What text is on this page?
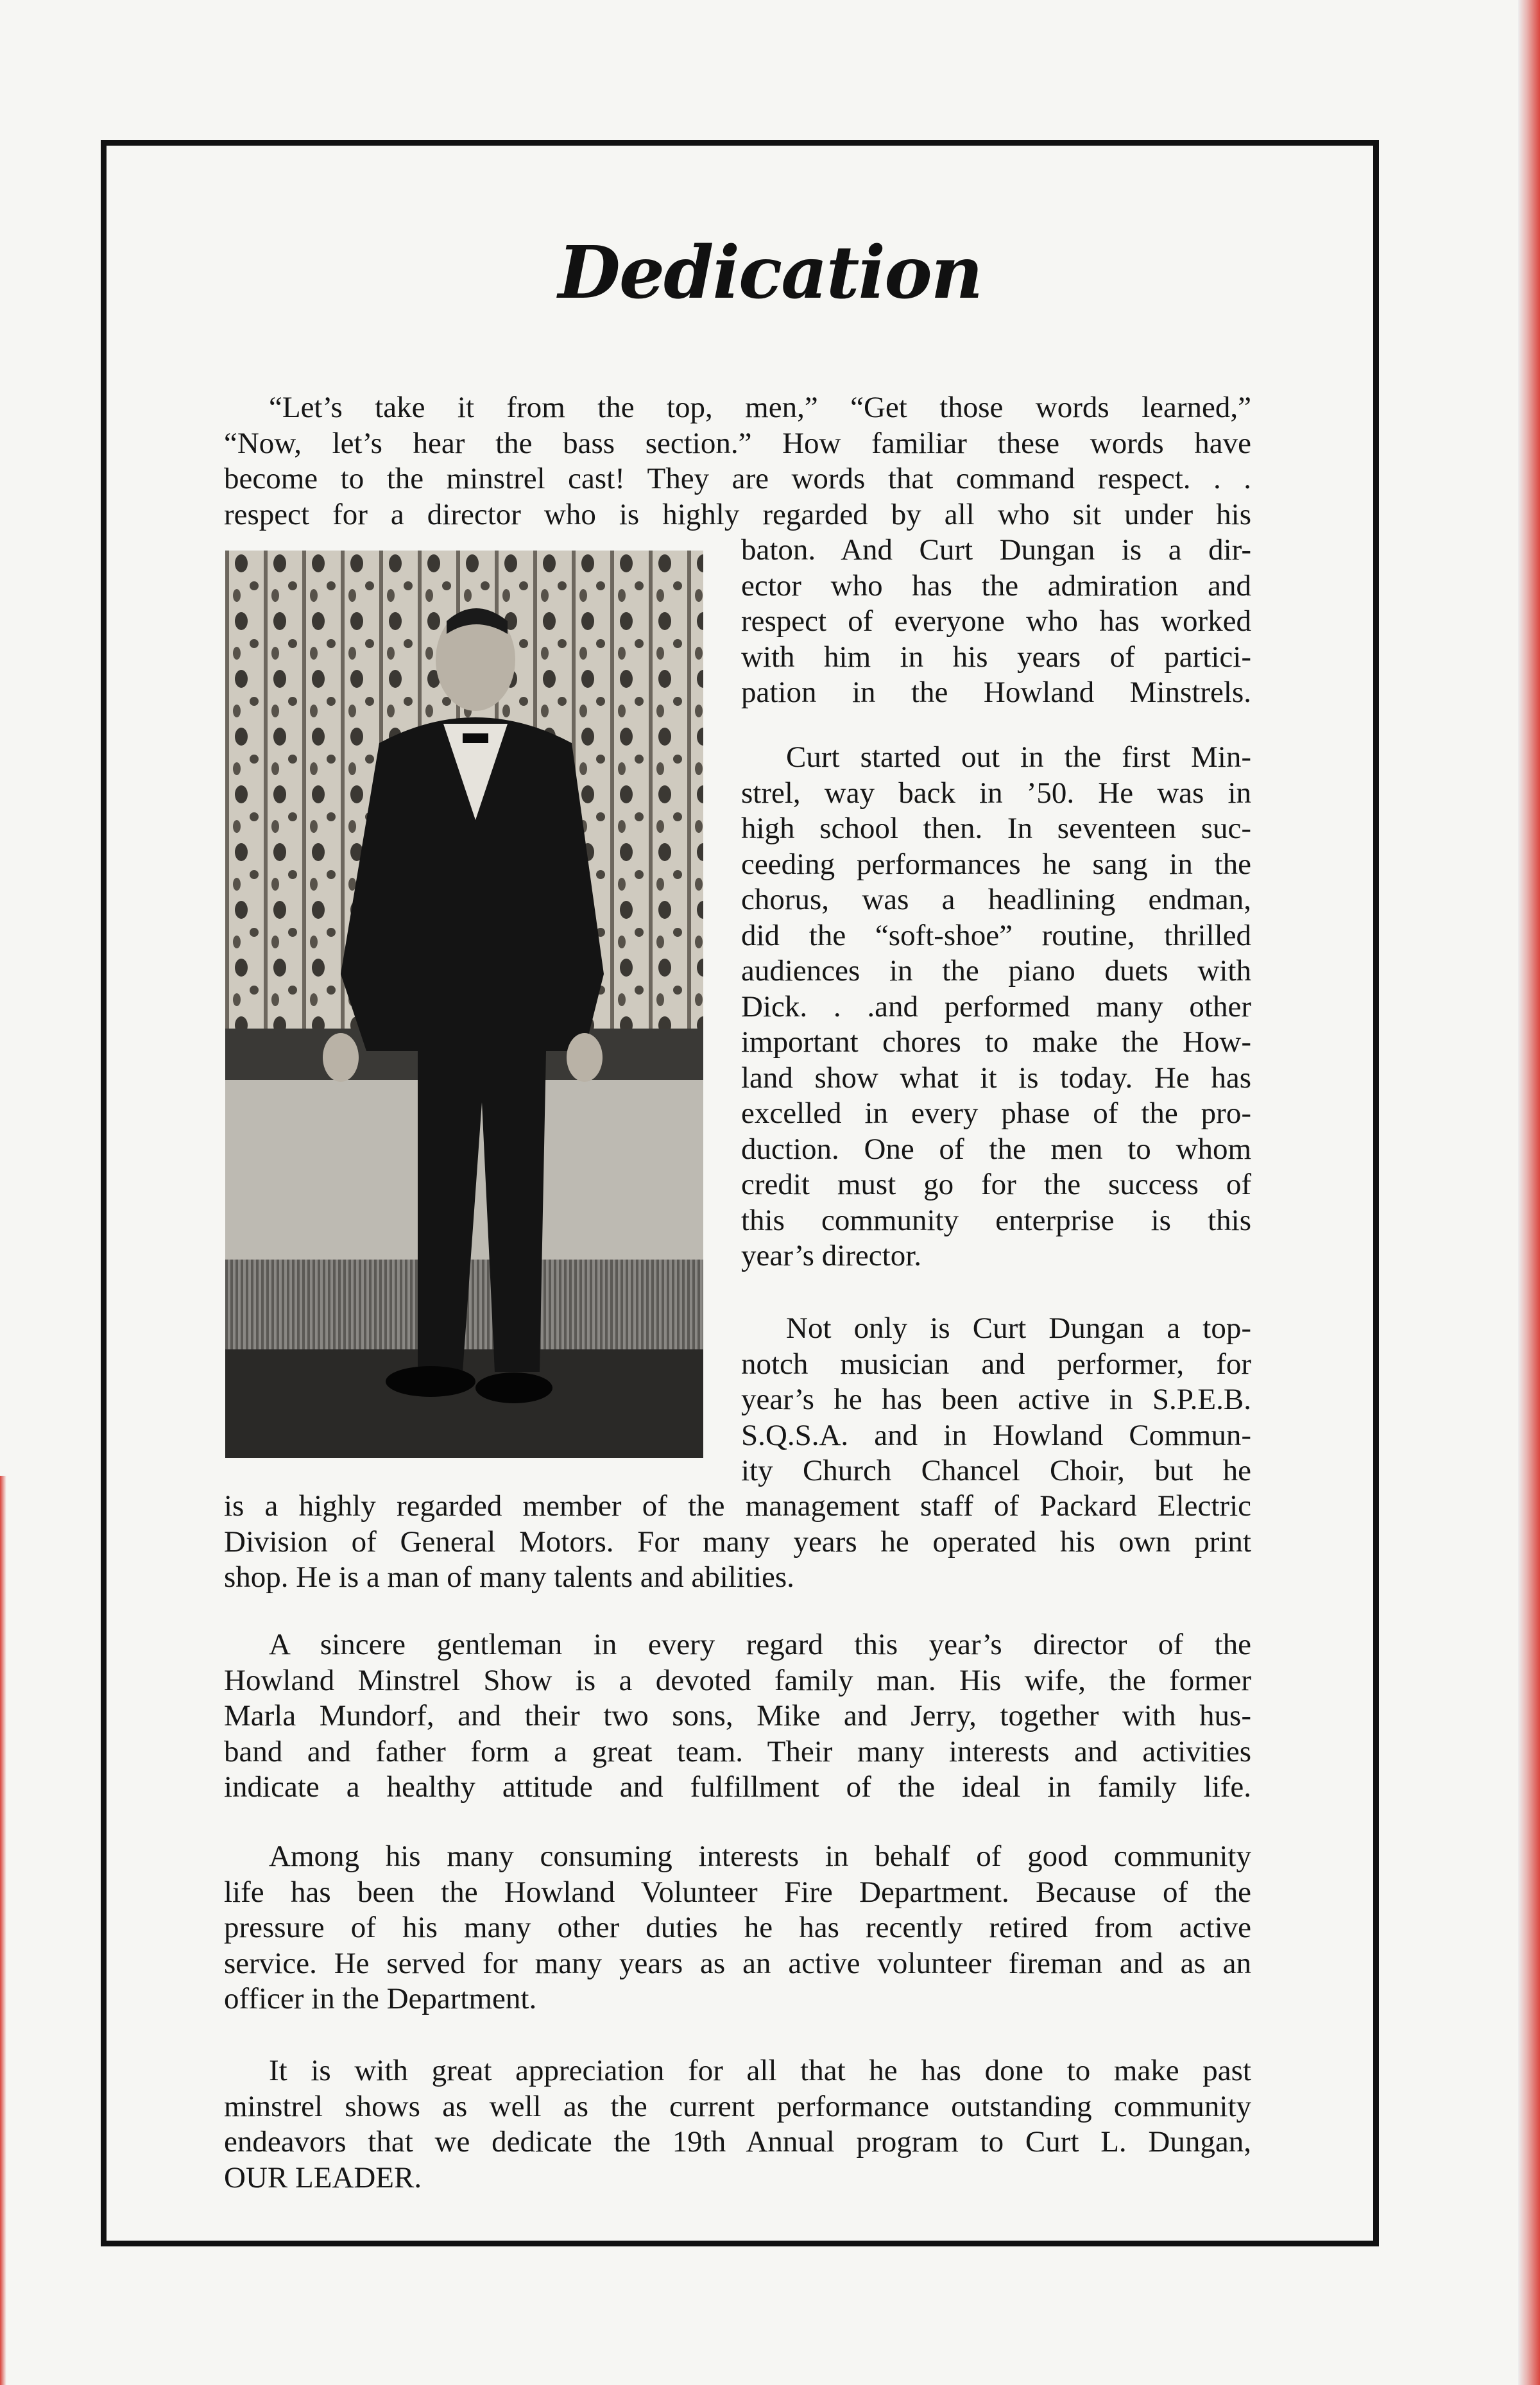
Dedication
“Let’s take it from the top, men,” “Get those words learned,”
“Now, let’s hear the bass section.” How familiar these words have
become to the minstrel cast! They are words that command respect. . .
respect for a director who is highly regarded by all who sit under his
baton. And Curt Dungan is a dir-
ector who has the admiration and
respect of everyone who has worked
with him in his years of partici-
pation in the Howland Minstrels.
Curt started out in the first Min-
strel, way back in ’50. He was in
high school then. In seventeen suc-
ceeding performances he sang in the
chorus, was a headlining endman,
did the “soft-shoe” routine, thrilled
audiences in the piano duets with
Dick. . .and performed many other
important chores to make the How-
land show what it is today. He has
excelled in every phase of the pro-
duction. One of the men to whom
credit must go for the success of
this community enterprise is this
year’s director.
Not only is Curt Dungan a top-
notch musician and performer, for
year’s he has been active in S.P.E.B.
S.Q.S.A. and in Howland Commun-
ity Church Chancel Choir, but he
is a highly regarded member of the management staff of Packard Electric
Division of General Motors. For many years he operated his own print
shop. He is a man of many talents and abilities.
A sincere gentleman in every regard this year’s director of the
Howland Minstrel Show is a devoted family man. His wife, the former
Marla Mundorf, and their two sons, Mike and Jerry, together with hus-
band and father form a great team. Their many interests and activities
indicate a healthy attitude and fulfillment of the ideal in family life.
Among his many consuming interests in behalf of good community
life has been the Howland Volunteer Fire Department. Because of the
pressure of his many other duties he has recently retired from active
service. He served for many years as an active volunteer fireman and as an
officer in the Department.
It is with great appreciation for all that he has done to make past
minstrel shows as well as the current performance outstanding community
endeavors that we dedicate the 19th Annual program to Curt L. Dungan,
OUR LEADER.
